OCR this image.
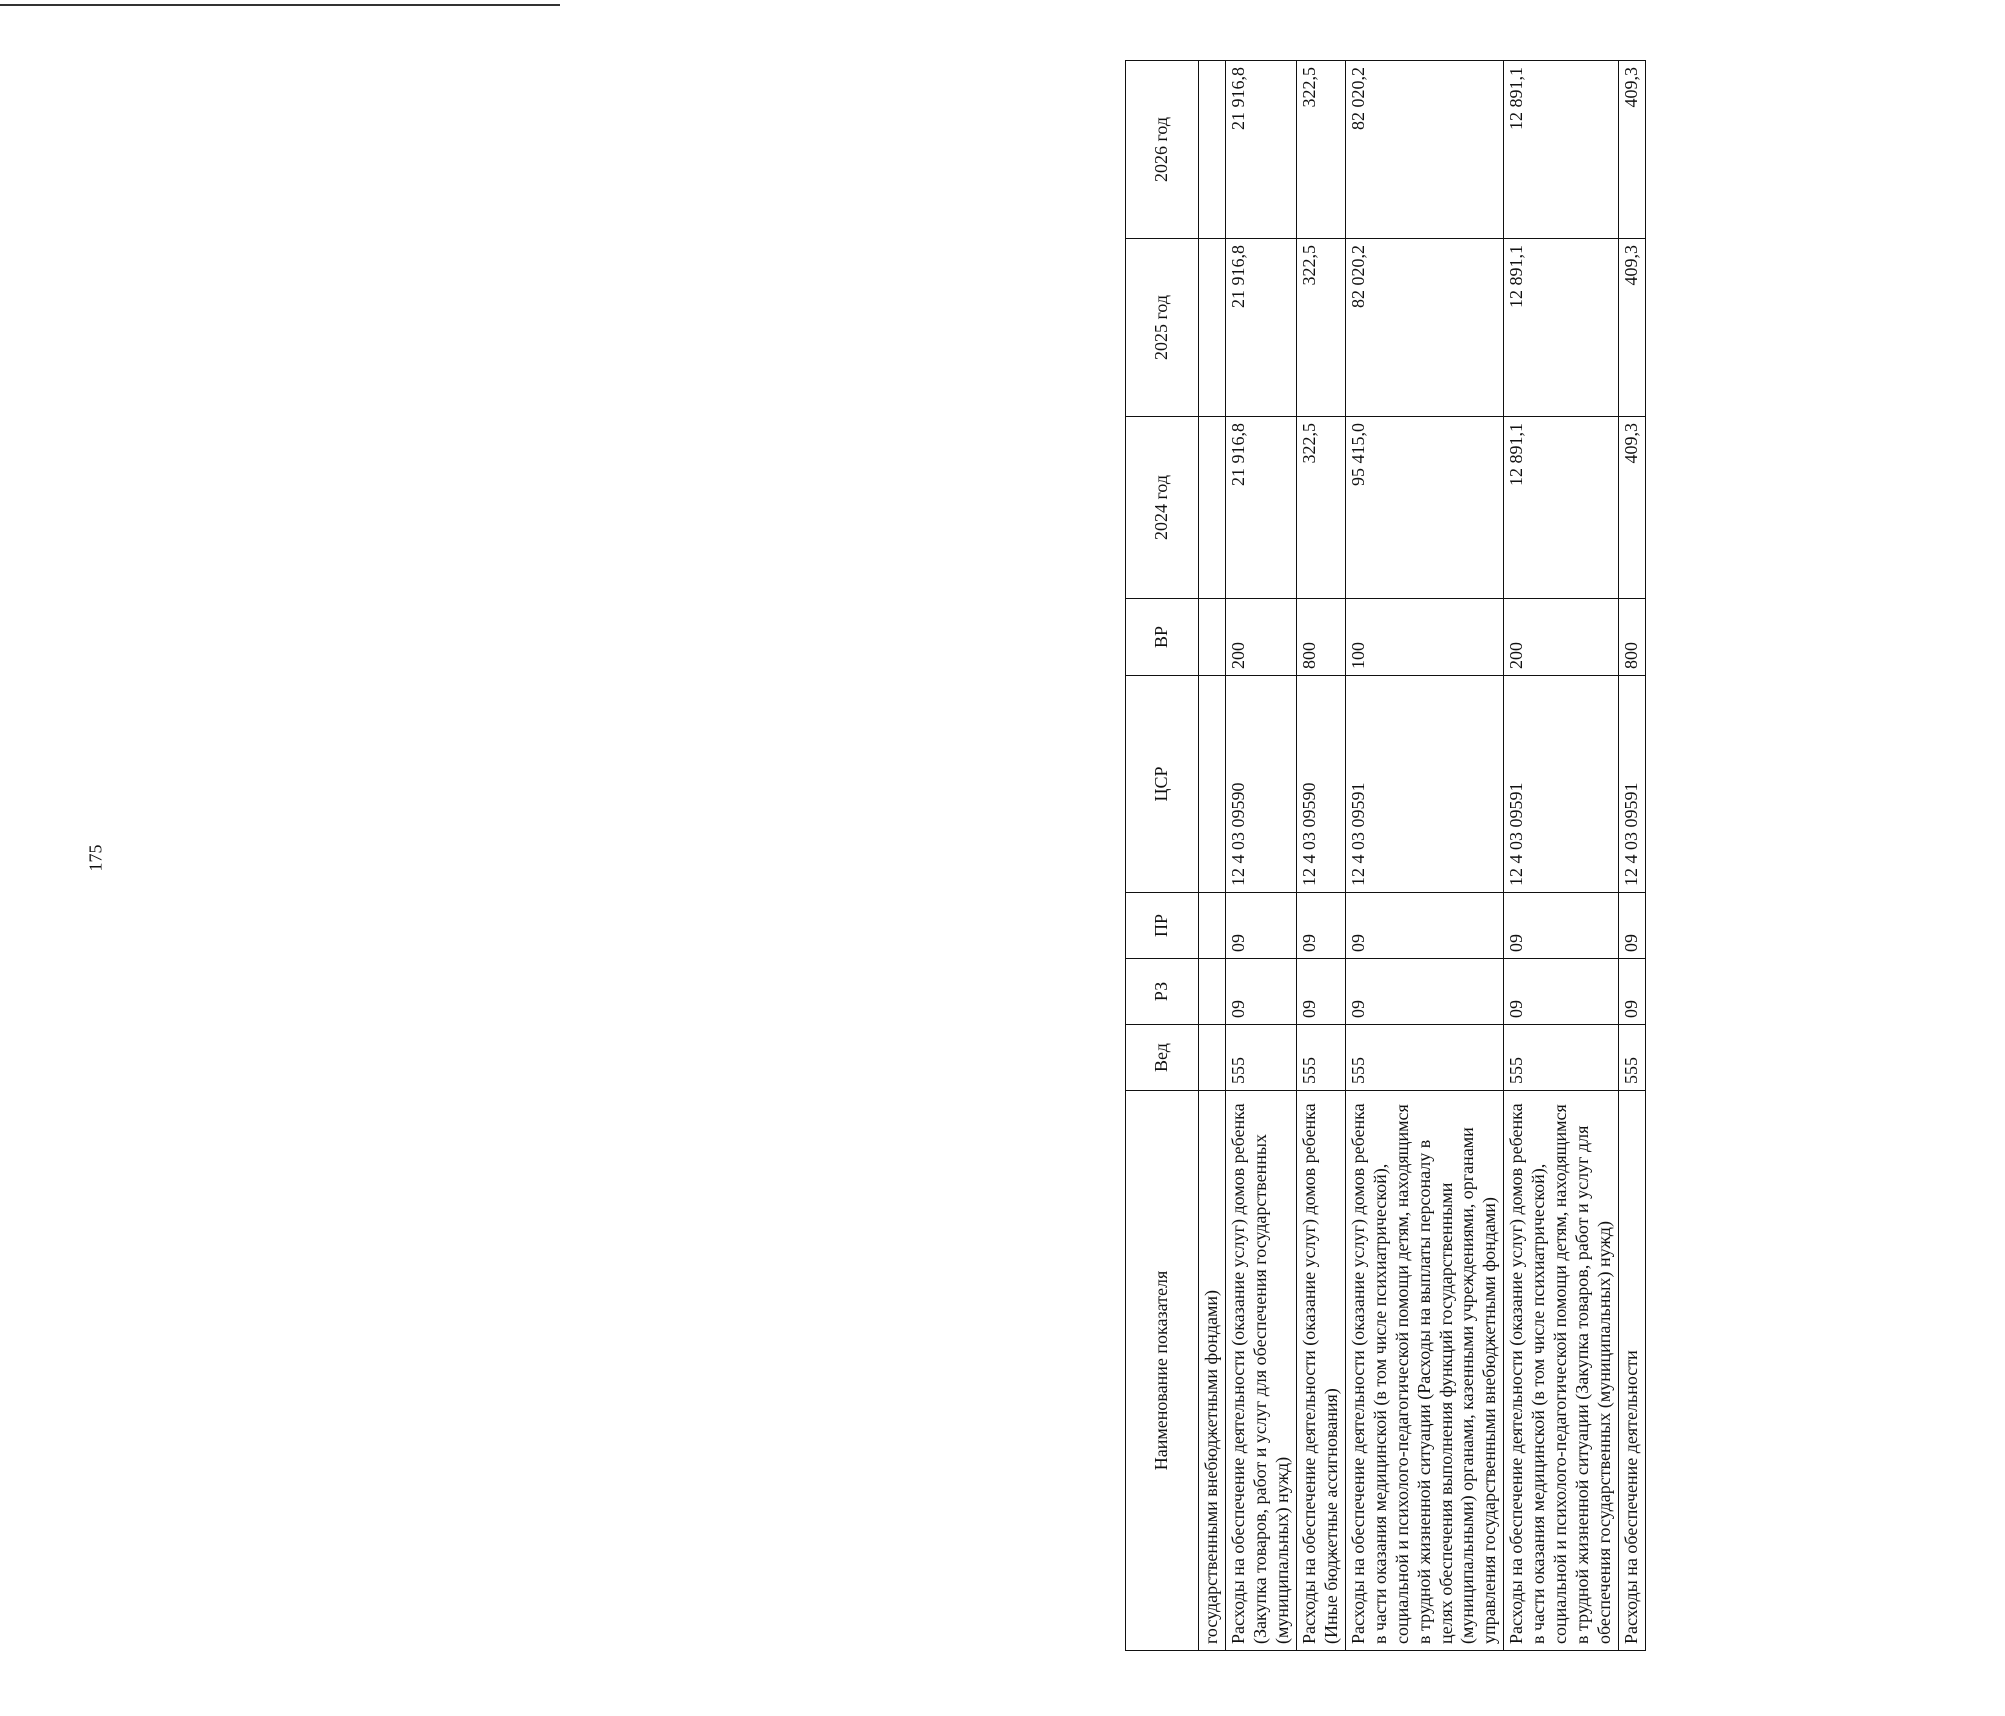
175
Наименование показателя	Вед	РЗ	ПР	ЦСР	ВР	2024 год	2025 год	2026 год
государственными внебюджетными фондами)								
Расходы на обеспечение деятельности (оказание услуг) домов ребенка (Закупка товаров, работ и услуг для обеспечения государственных (муниципальных) нужд)	555	09	09	12 4 03 09590	200	21 916,8	21 916,8	21 916,8
Расходы на обеспечение деятельности (оказание услуг) домов ребенка (Иные бюджетные ассигнования)	555	09	09	12 4 03 09590	800	322,5	322,5	322,5
Расходы на обеспечение деятельности (оказание услуг) домов ребенка в части оказания медицинской (в том числе психиатрической), социальной и психолого-педагогической помощи детям, находящимся в трудной жизненной ситуации (Расходы на выплаты персоналу в целях обеспечения выполнения функций государственными (муниципальными) органами, казенными учреждениями, органами управления государственными внебюджетными фондами)	555	09	09	12 4 03 09591	100	95 415,0	82 020,2	82 020,2
Расходы на обеспечение деятельности (оказание услуг) домов ребенка в части оказания медицинской (в том числе психиатрической), социальной и психолого-педагогической помощи детям, находящимся в трудной жизненной ситуации (Закупка товаров, работ и услуг для обеспечения государственных (муниципальных) нужд)	555	09	09	12 4 03 09591	200	12 891,1	12 891,1	12 891,1
Расходы на обеспечение деятельности	555	09	09	12 4 03 09591	800	409,3	409,3	409,3
